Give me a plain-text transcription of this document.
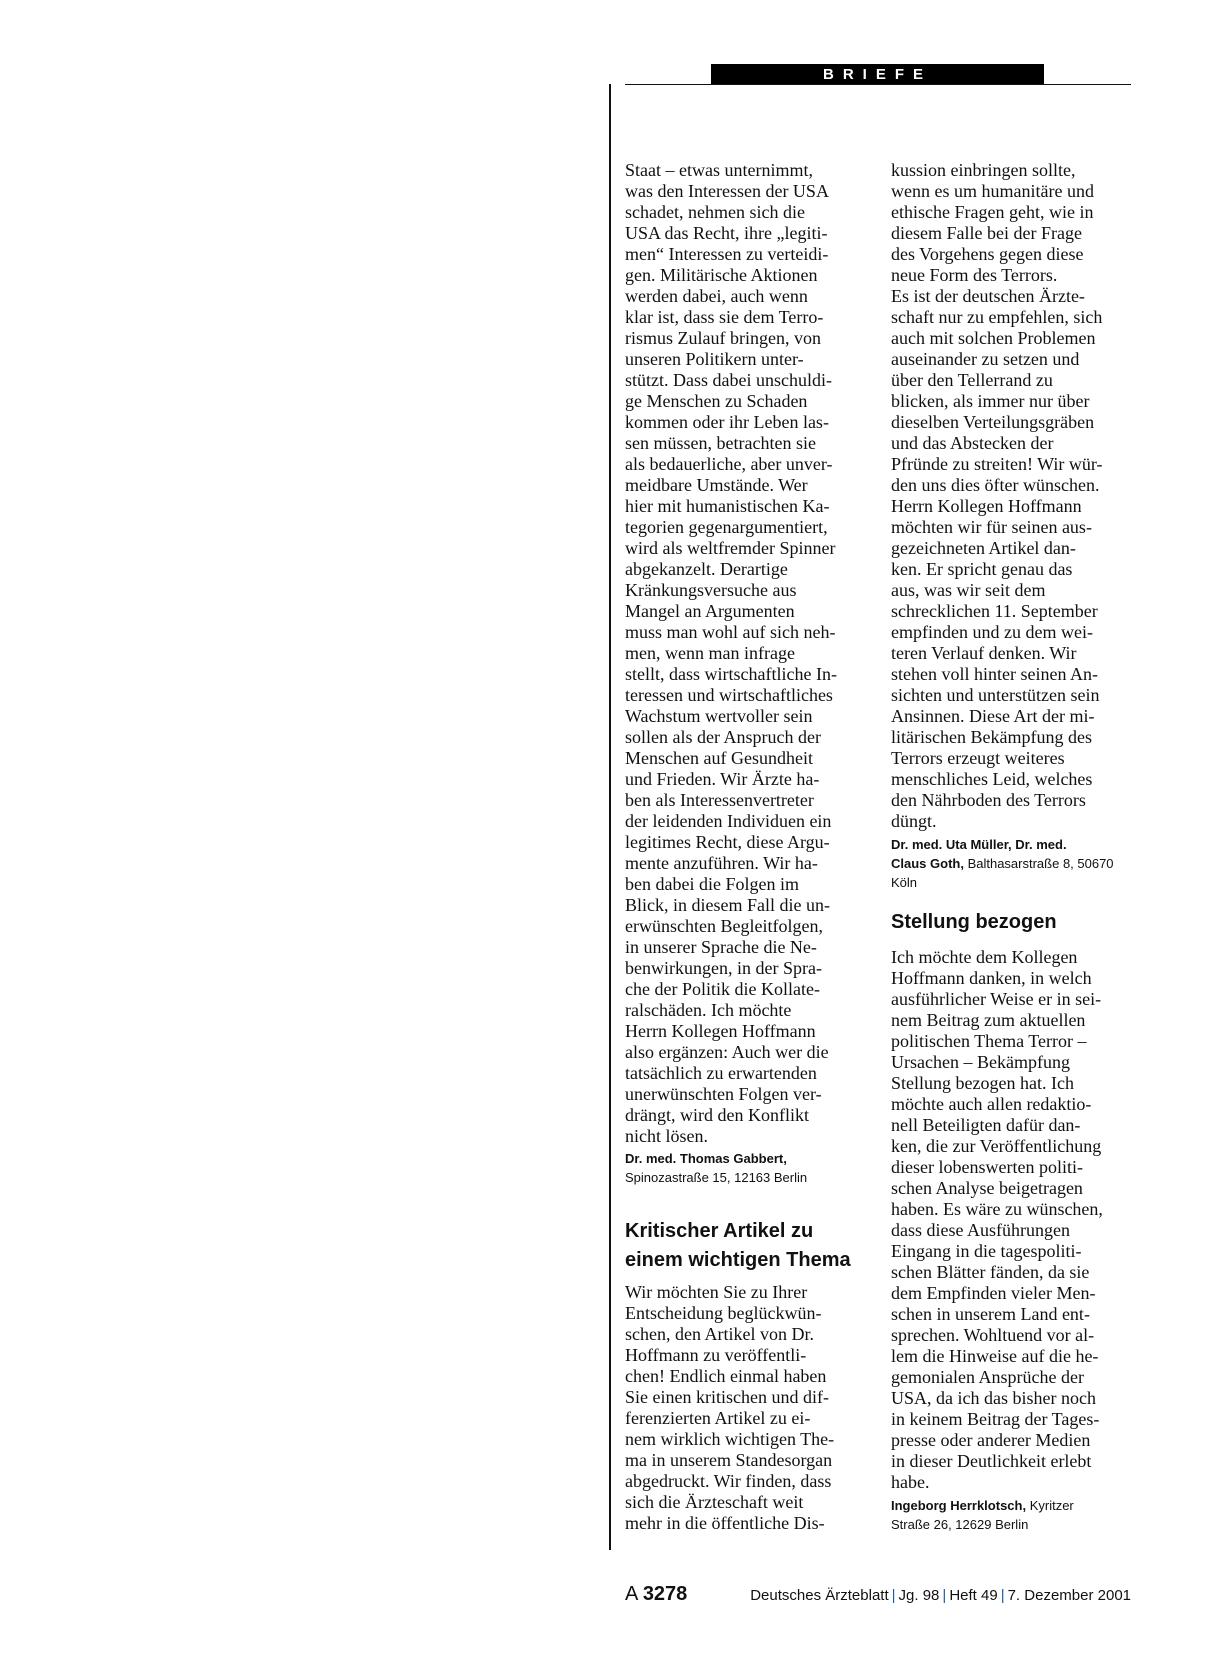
BRIEFE

Staat – etwas unternimmt,
was den Interessen der USA
schadet, nehmen sich die
USA das Recht, ihre „legiti-
men“ Interessen zu verteidi-
gen. Militärische Aktionen
werden dabei, auch wenn
klar ist, dass sie dem Terro-
rismus Zulauf bringen, von
unseren Politikern unter-
stützt. Dass dabei unschuldi-
ge Menschen zu Schaden
kommen oder ihr Leben las-
sen müssen, betrachten sie
als bedauerliche, aber unver-
meidbare Umstände. Wer
hier mit humanistischen Ka-
tegorien gegenargumentiert,
wird als weltfremder Spinner
abgekanzelt. Derartige
Kränkungsversuche aus
Mangel an Argumenten
muss man wohl auf sich neh-
men, wenn man infrage
stellt, dass wirtschaftliche In-
teressen und wirtschaftliches
Wachstum wertvoller sein
sollen als der Anspruch der
Menschen auf Gesundheit
und Frieden. Wir Ärzte ha-
ben als Interessenvertreter
der leidenden Individuen ein
legitimes Recht, diese Argu-
mente anzuführen. Wir ha-
ben dabei die Folgen im
Blick, in diesem Fall die un-
erwünschten Begleitfolgen,
in unserer Sprache die Ne-
benwirkungen, in der Spra-
che der Politik die Kollate-
ralschäden. Ich möchte
Herrn Kollegen Hoffmann
also ergänzen: Auch wer die
tatsächlich zu erwartenden
unerwünschten Folgen ver-
drängt, wird den Konflikt
nicht lösen.

Dr. med. Thomas Gabbert,
Spinozastraße 15, 12163 Berlin

Kritischer Artikel zu
einem wichtigen Thema

Wir möchten Sie zu Ihrer
Entscheidung beglückwün-
schen, den Artikel von Dr.
Hoffmann zu veröffentli-
chen! Endlich einmal haben
Sie einen kritischen und dif-
ferenzierten Artikel zu ei-
nem wirklich wichtigen The-
ma in unserem Standesorgan
abgedruckt. Wir finden, dass
sich die Ärzteschaft weit
mehr in die öffentliche Dis-

kussion einbringen sollte,
wenn es um humanitäre und
ethische Fragen geht, wie in
diesem Falle bei der Frage
des Vorgehens gegen diese
neue Form des Terrors.
Es ist der deutschen Ärzte-
schaft nur zu empfehlen, sich
auch mit solchen Problemen
auseinander zu setzen und
über den Tellerrand zu
blicken, als immer nur über
dieselben Verteilungsgräben
und das Abstecken der
Pfründe zu streiten! Wir wür-
den uns dies öfter wünschen.
Herrn Kollegen Hoffmann
möchten wir für seinen aus-
gezeichneten Artikel dan-
ken. Er spricht genau das
aus, was wir seit dem
schrecklichen 11. September
empfinden und zu dem wei-
teren Verlauf denken. Wir
stehen voll hinter seinen An-
sichten und unterstützen sein
Ansinnen. Diese Art der mi-
litärischen Bekämpfung des
Terrors erzeugt weiteres
menschliches Leid, welches
den Nährboden des Terrors
düngt.

Dr. med. Uta Müller, Dr. med.
Claus Goth, Balthasarstraße 8, 50670
Köln

Stellung bezogen

Ich möchte dem Kollegen
Hoffmann danken, in welch
ausführlicher Weise er in sei-
nem Beitrag zum aktuellen
politischen Thema Terror –
Ursachen – Bekämpfung
Stellung bezogen hat. Ich
möchte auch allen redaktio-
nell Beteiligten dafür dan-
ken, die zur Veröffentlichung
dieser lobenswerten politi-
schen Analyse beigetragen
haben. Es wäre zu wünschen,
dass diese Ausführungen
Eingang in die tagespoliti-
schen Blätter fänden, da sie
dem Empfinden vieler Men-
schen in unserem Land ent-
sprechen. Wohltuend vor al-
lem die Hinweise auf die he-
gemonialen Ansprüche der
USA, da ich das bisher noch
in keinem Beitrag der Tages-
presse oder anderer Medien
in dieser Deutlichkeit erlebt
habe.

Ingeborg Herrklotsch, Kyritzer
Straße 26, 12629 Berlin

A 3278	Deutsches Ärzteblatt | Jg. 98 | Heft 49 | 7. Dezember 2001
